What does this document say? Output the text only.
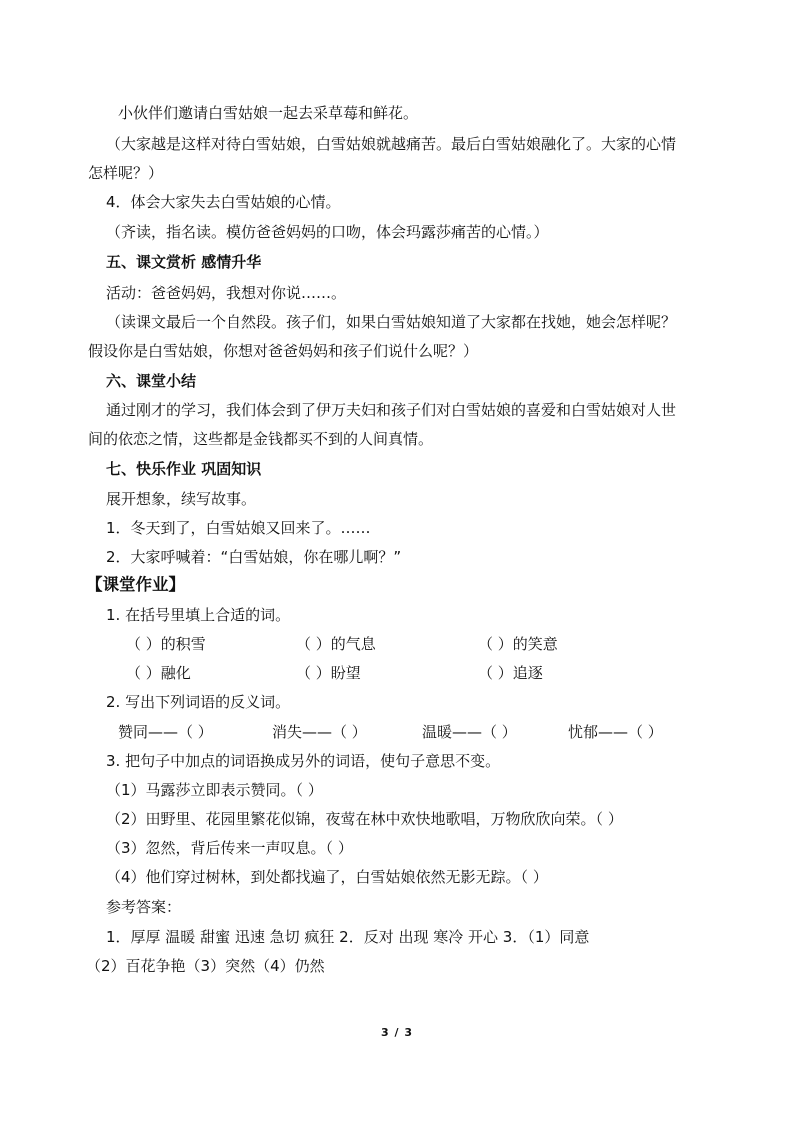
小伙伴们邀请白雪姑娘一起去采草莓和鲜花。
（大家越是这样对待白雪姑娘，白雪姑娘就越痛苦。最后白雪姑娘融化了。大家的心情
怎样呢？）
4．体会大家失去白雪姑娘的心情。
（齐读，指名读。模仿爸爸妈妈的口吻，体会玛露莎痛苦的心情。）
五、课文赏析 感情升华
活动：爸爸妈妈，我想对你说……。
（读课文最后一个自然段。孩子们，如果白雪姑娘知道了大家都在找她，她会怎样呢？
假设你是白雪姑娘，你想对爸爸妈妈和孩子们说什么呢？）
六、课堂小结
通过刚才的学习，我们体会到了伊万夫妇和孩子们对白雪姑娘的喜爱和白雪姑娘对人世
间的依恋之情，这些都是金钱都买不到的人间真情。
七、快乐作业 巩固知识
展开想象，续写故事。
1．冬天到了，白雪姑娘又回来了。……
2．大家呼喊着：“白雪姑娘，你在哪儿啊？”
【课堂作业】
1. 在括号里填上合适的词。
（ ）的积雪	（ ）的气息	（ ）的笑意
（ ）融化	（ ）盼望	（ ）追逐
2. 写出下列词语的反义词。
赞同——（ ）	消失——（ ）	温暖——（ ）	忧郁——（ ）
3. 把句子中加点的词语换成另外的词语，使句子意思不变。
（1）马露莎立即表示赞同。（ ）
（2）田野里、花园里繁花似锦，夜莺在林中欢快地歌唱，万物欣欣向荣。（ ）
（3）忽然，背后传来一声叹息。（ ）
（4）他们穿过树林，到处都找遍了，白雪姑娘依然无影无踪。（ ）
参考答案：
1．厚厚 温暖 甜蜜 迅速 急切 疯狂 2．反对 出现 寒冷 开心 3．（1）同意
（2）百花争艳（3）突然（4）仍然
3 / 3
